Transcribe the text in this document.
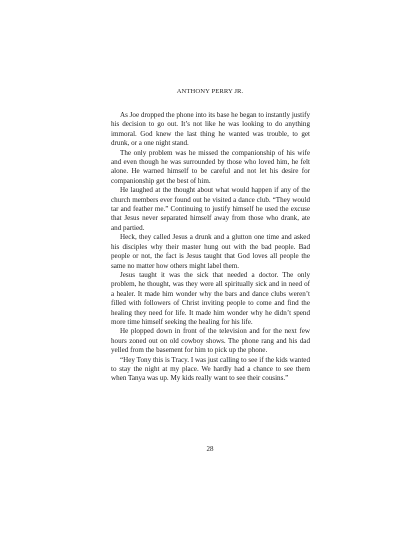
ANTHONY PERRY JR.

As Joe dropped the phone into its base he began to instantly justify his decision to go out. It’s not like he was looking to do anything immoral. God knew the last thing he wanted was trouble, to get drunk, or a one night stand.

The only problem was he missed the companionship of his wife and even though he was surrounded by those who loved him, he felt alone. He warned himself to be careful and not let his desire for companionship get the best of him.

He laughed at the thought about what would happen if any of the church members ever found out he visited a dance club. “They would tar and feather me.” Continuing to justify himself he used the excuse that Jesus never separated himself away from those who drank, ate and partied.

Heck, they called Jesus a drunk and a glutton one time and asked his disciples why their master hung out with the bad people. Bad people or not, the fact is Jesus taught that God loves all people the same no matter how others might label them.

Jesus taught it was the sick that needed a doctor. The only problem, he thought, was they were all spiritually sick and in need of a healer. It made him wonder why the bars and dance clubs weren’t filled with followers of Christ inviting people to come and find the healing they need for life. It made him wonder why he didn’t spend more time himself seeking the healing for his life.

He plopped down in front of the television and for the next few hours zoned out on old cowboy shows. The phone rang and his dad yelled from the basement for him to pick up the phone.

“Hey Tony this is Tracy. I was just calling to see if the kids wanted to stay the night at my place. We hardly had a chance to see them when Tanya was up. My kids really want to see their cousins.”

28
